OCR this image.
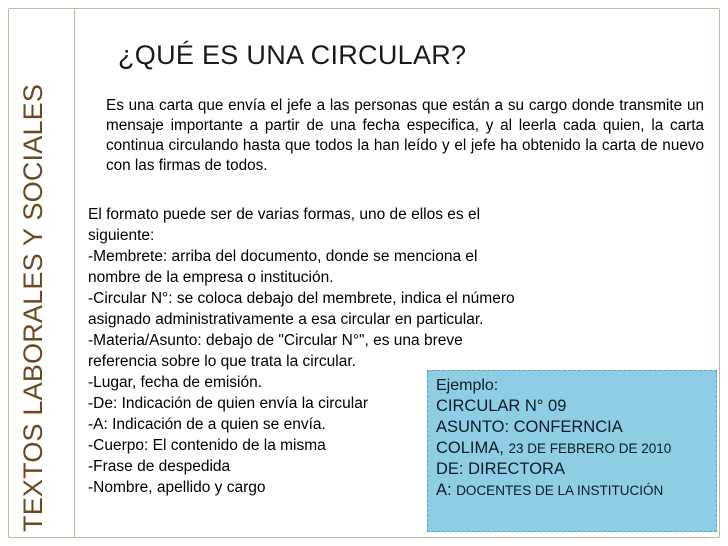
TEXTOS LABORALES Y SOCIALES
¿QUÉ ES UNA CIRCULAR?
Es una carta que envía el jefe a las personas que están a su cargo donde transmite un mensaje importante a partir de una fecha especifica, y al leerla cada quien, la carta continua circulando hasta que todos la han leído y el jefe ha obtenido la carta de nuevo con las firmas de todos.
El formato puede ser de varias formas, uno de ellos es el
siguiente:
-Membrete: arriba del documento, donde se menciona el
nombre de la empresa o institución.
-Circular N°: se coloca debajo del membrete, indica el número
asignado administrativamente a esa circular en particular.
-Materia/Asunto: debajo de "Circular N°", es una breve
referencia sobre lo que trata la circular.
-Lugar, fecha de emisión.
-De: Indicación de quien envía la circular
-A: Indicación de a quien se envía.
-Cuerpo: El contenido de la misma
-Frase de despedida
-Nombre, apellido y cargo
Ejemplo:
CIRCULAR N° 09
ASUNTO: CONFERNCIA
COLIMA, 23 DE FEBRERO DE 2010
DE: DIRECTORA
A: DOCENTES DE LA INSTITUCIÓN
